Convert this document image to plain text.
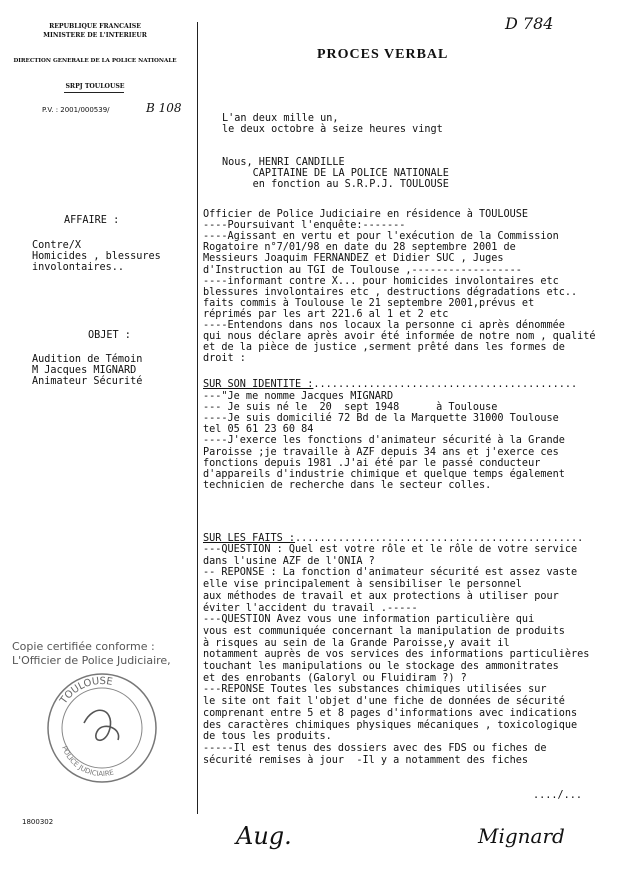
REPUBLIQUE FRANCAISE
MINISTERE DE L'INTERIEUR
DIRECTION GENERALE DE LA POLICE NATIONALE
SRPJ TOULOUSE
P.V. : 2001/000539/	B 108
D 784
PROCES VERBAL
L'an deux mille un,
le deux octobre à seize heures vingt
Nous, HENRI CANDILLE
CAPITAINE DE LA POLICE NATIONALE
en fonction au S.R.P.J. TOULOUSE
AFFAIRE :
Contre/X
Homicides , blessures
involontaires..
OBJET :
Audition de Témoin
M Jacques MIGNARD
Animateur Sécurité
Officier de Police Judiciaire en résidence à TOULOUSE
----Poursuivant l'enquête:-------
----Agissant en vertu et pour l'exécution de la Commission
Rogatoire n°7/01/98 en date du 28 septembre 2001 de
Messieurs Joaquim FERNANDEZ et Didier SUC , Juges
d'Instruction au TGI de Toulouse ,------------------
----informant contre X... pour homicides involontaires etc
blessures involontaires etc , destructions dégradations etc..
faits commis à Toulouse le 21 septembre 2001,prévus et
réprimés par les art 221.6 al 1 et 2 etc
----Entendons dans nos locaux la personne ci après dénommée
qui nous déclare après avoir été informée de notre nom , qualité
et de la pièce de justice ,serment prêté dans les formes de
droit :
SUR SON IDENTITE :...........................................
---"Je me nomme Jacques MIGNARD
--- Je suis né le  20  sept 1948      à Toulouse
----Je suis domicilié 72 Bd de la Marquette 31000 Toulouse
tel 05 61 23 60 84
----J'exerce les fonctions d'animateur sécurité à la Grande
Paroisse ;je travaille à AZF depuis 34 ans et j'exerce ces
fonctions depuis 1981 .J'ai été par le passé conducteur
d'appareils d'industrie chimique et quelque temps également
technicien de recherche dans le secteur colles.
SUR LES FAITS :...............................................
---QUESTION : Quel est votre rôle et le rôle de votre service
dans l'usine AZF de l'ONIA ?
-- REPONSE : La fonction d'animateur sécurité est assez vaste
elle vise principalement à sensibiliser le personnel
aux méthodes de travail et aux protections à utiliser pour
éviter l'accident du travail .-----
---QUESTION Avez vous une information particulière qui
vous est communiquée concernant la manipulation de produits
à risques au sein de la Grande Paroisse,y avait il
notamment auprès de vos services des informations particulières
touchant les manipulations ou le stockage des ammonitrates
et des enrobants (Galoryl ou Fluidiram ?) ?
---REPONSE Toutes les substances chimiques utilisées sur
le site ont fait l'objet d'une fiche de données de sécurité
comprenant entre 5 et 8 pages d'informations avec indications
des caractères chimiques physiques mécaniques , toxicologique
de tous les produits.
-----Il est tenus des dossiers avec des FDS ou fiches de
sécurité remises à jour  -Il y a notamment des fiches
..../...
Copie certifiée conforme :
L'Officier de Police Judiciaire,
TOULOUSE
POLICE JUDICIAIRE
1800302	Aug.	Mignard
